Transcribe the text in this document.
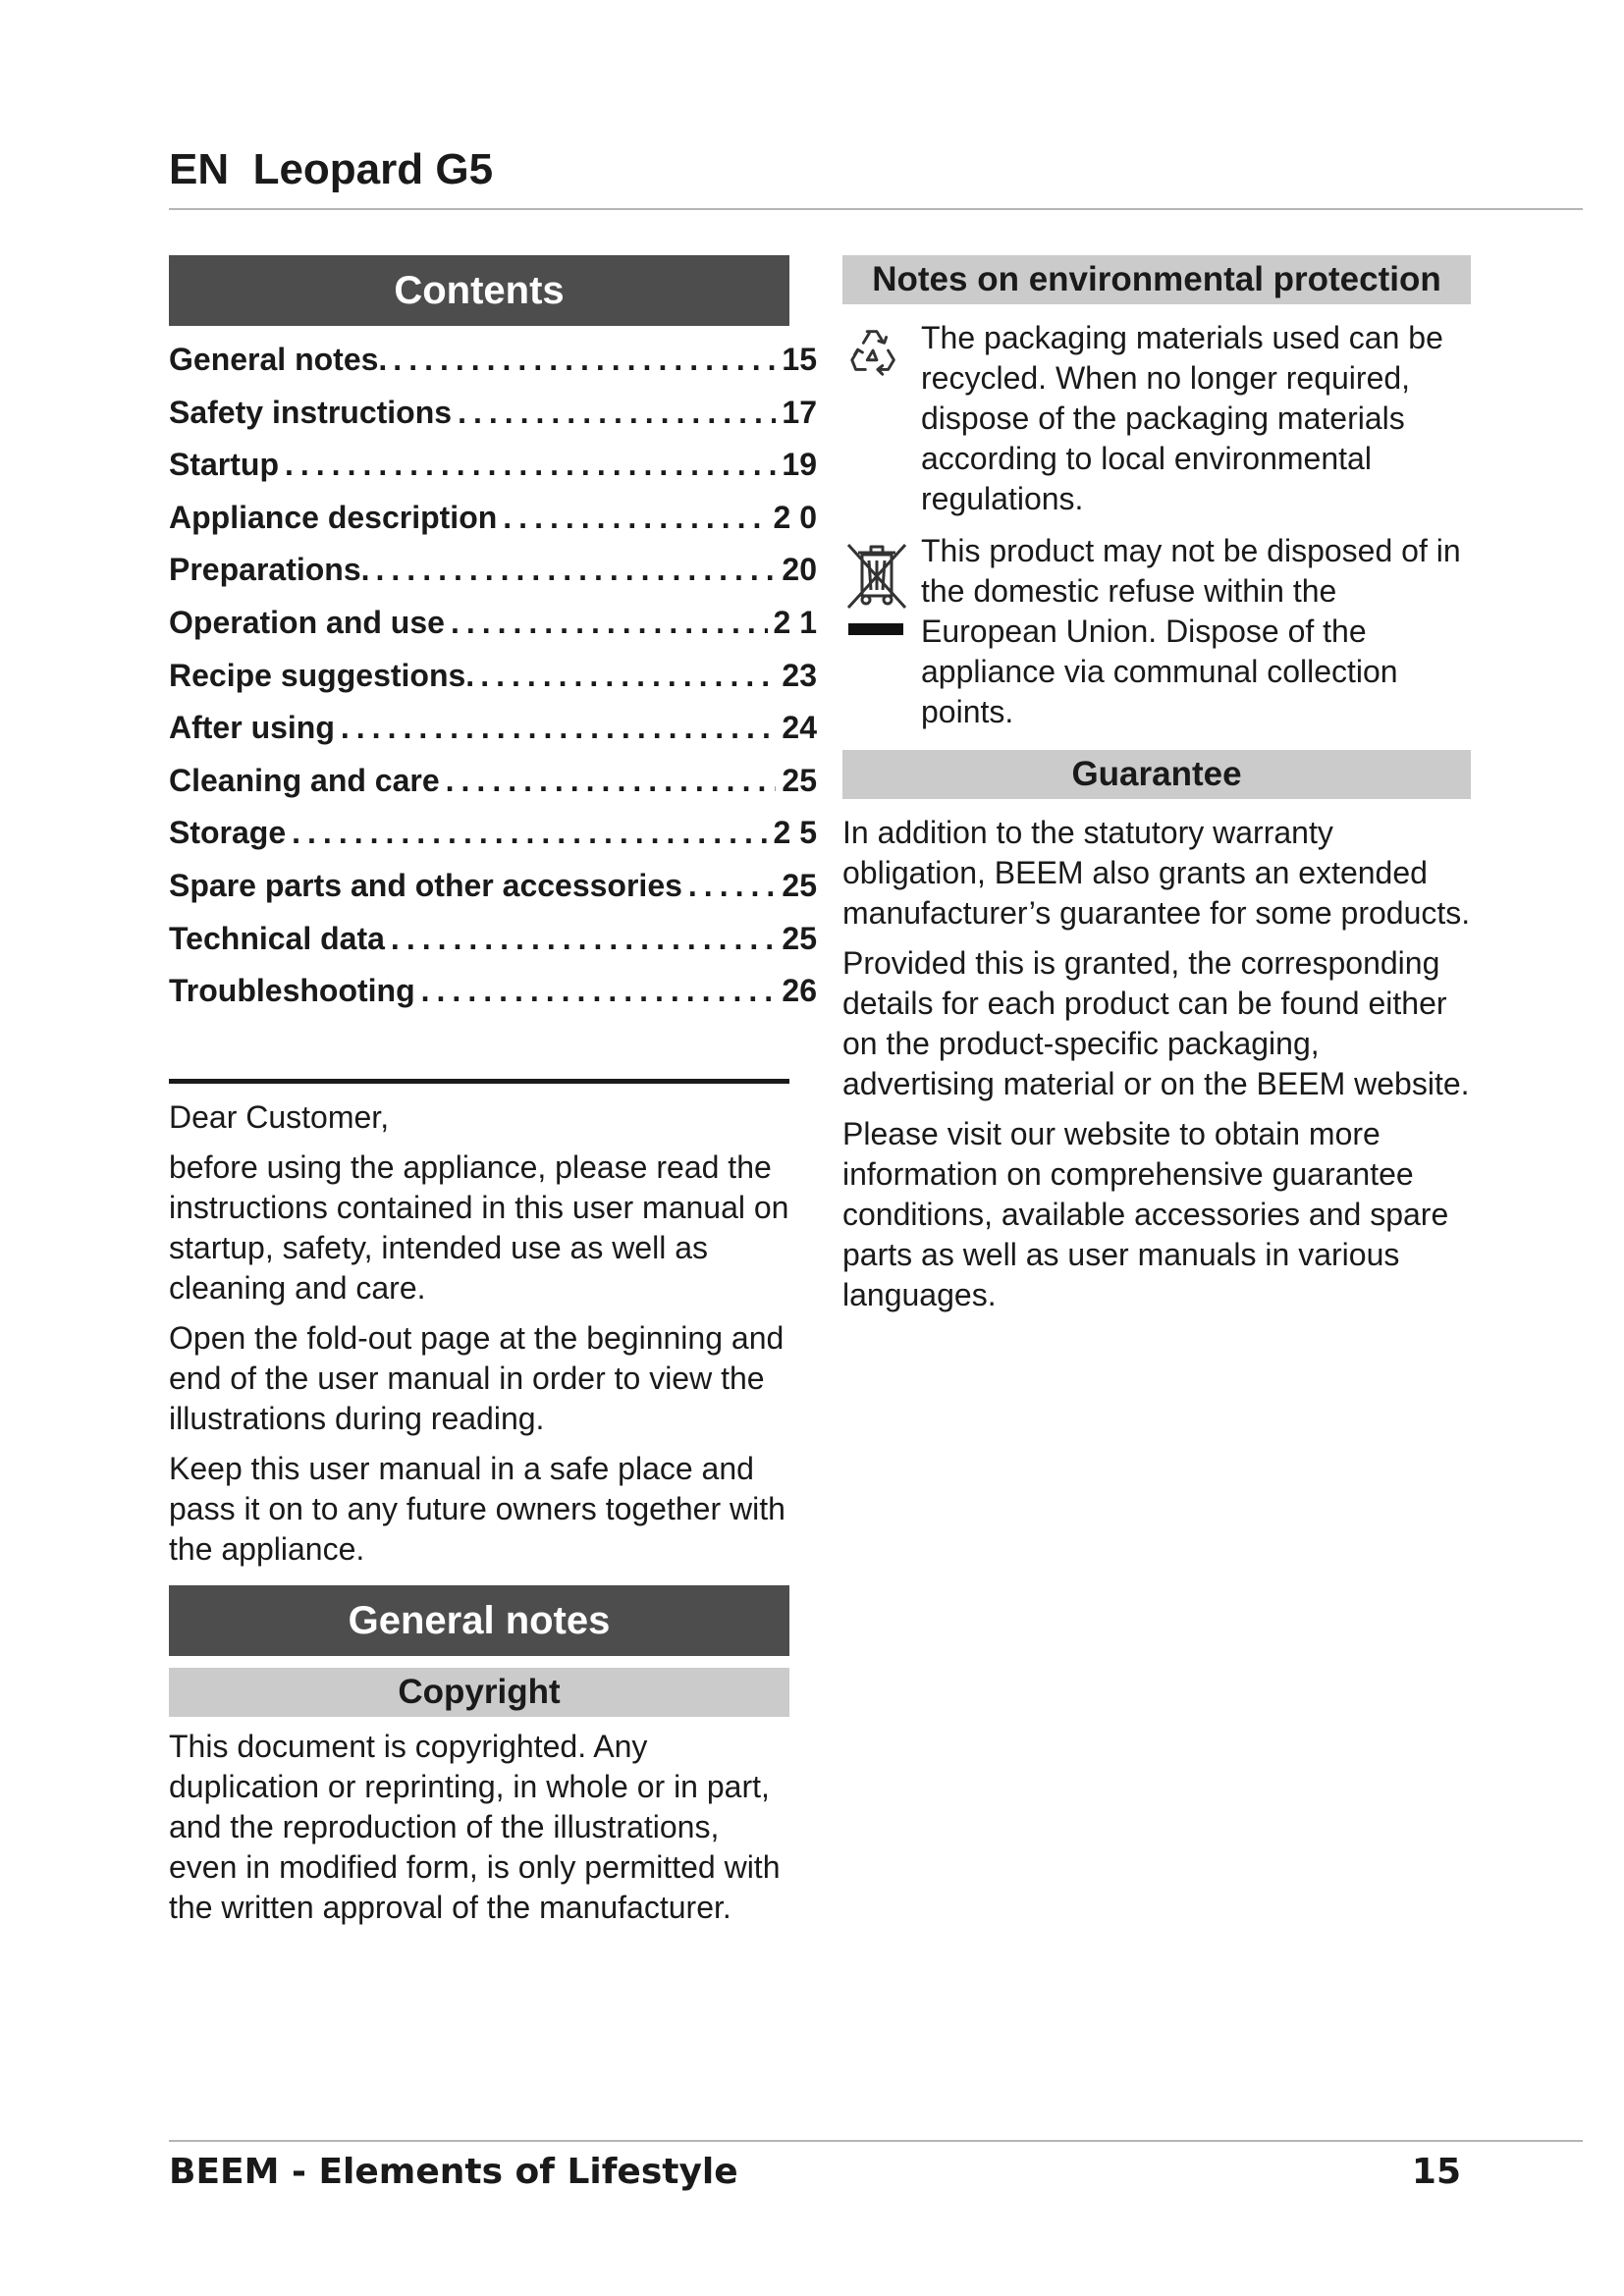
EN  Leopard G5
Contents
General notes. .....	15
Safety instructions .....	17
Startup .....	19
Appliance description .....	2 0
Preparations. .....	20
Operation and use .....	2 1
Recipe suggestions. .....	23
After using .....	24
Cleaning and care .....	25
Storage .....	2 5
Spare parts and other accessories .....	25
Technical data .....	25
Troubleshooting .....	26

Dear Customer,

before using the appliance, please read the instructions contained in this user manual on startup, safety, intended use as well as cleaning and care.

Open the fold-out page at the beginning and end of the user manual in order to view the illustrations during reading.

Keep this user manual in a safe place and pass it on to any future owners together with the appliance.

General notes
Copyright

This document is copyrighted. Any duplication or reprinting, in whole or in part, and the reproduction of the illustrations, even in modified form, is only permitted with the written approval of the manufacturer.

Notes on environmental protection
The packaging materials used can be recycled. When no longer required, dispose of the packaging materials according to local environmental regulations.
This product may not be disposed of in the domestic refuse within the European Union. Dispose of the appliance via communal collection points.
Guarantee

In addition to the statutory warranty obligation, BEEM also grants an extended manufacturer’s guarantee for some products.

Provided this is granted, the corresponding details for each product can be found either on the product-specific packaging, advertising material or on the BEEM website.

Please visit our website to obtain more information on comprehensive guarantee conditions, available accessories and spare parts as well as user manuals in various languages.

BEEM - Elements of Lifestyle	15
